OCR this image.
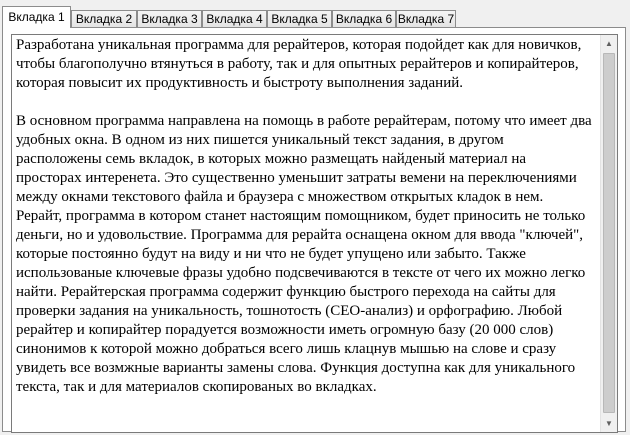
Вкладка 1 Вкладка 2 Вкладка 3 Вкладка 4 Вкладка 5 Вкладка 6 Вкладка 7

Разработана уникальная программа для рерайтеров, которая подойдет как для новичков, чтобы благополучно втянуться в работу, так и для опытных рерайтеров и копирайтеров, которая повысит их продуктивность и быстроту выполнения заданий.

В основном программа направлена на помощь в работе рерайтерам, потому что имеет два удобных окна. В одном из них пишется уникальный текст задания, в другом расположены семь вкладок, в которых можно размещать найденый материал на просторах интеренета. Это существенно уменьшит затраты вемени на переключениями между окнами текстового файла и браузера с множеством открытых кладок в нем. Рерайт, программа в котором станет настоящим помощником, будет приносить не только деньги, но и удовольствие. Программа для рерайта оснащена окном для ввода "ключей", которые постоянно будут на виду и ни что не будет упущено или забыто. Также использованые ключевые фразы удобно подсвечиваются в тексте от чего их можно легко найти. Рерайтерская программа содержит функцию быстрого перехода на сайты для проверки задания на уникальность, тошнотость (СЕО-анализ) и орфографию. Любой рерайтер и копирайтер порадуется возможности иметь огромную базу (20 000 слов) синонимов к которой можно добраться всего лишь клацнув мышью на слове и сразу увидеть все возмжные варианты замены слова. Функция доступна как для уникального текста, так и для материалов скопированых во вкладках.

▲
▼
